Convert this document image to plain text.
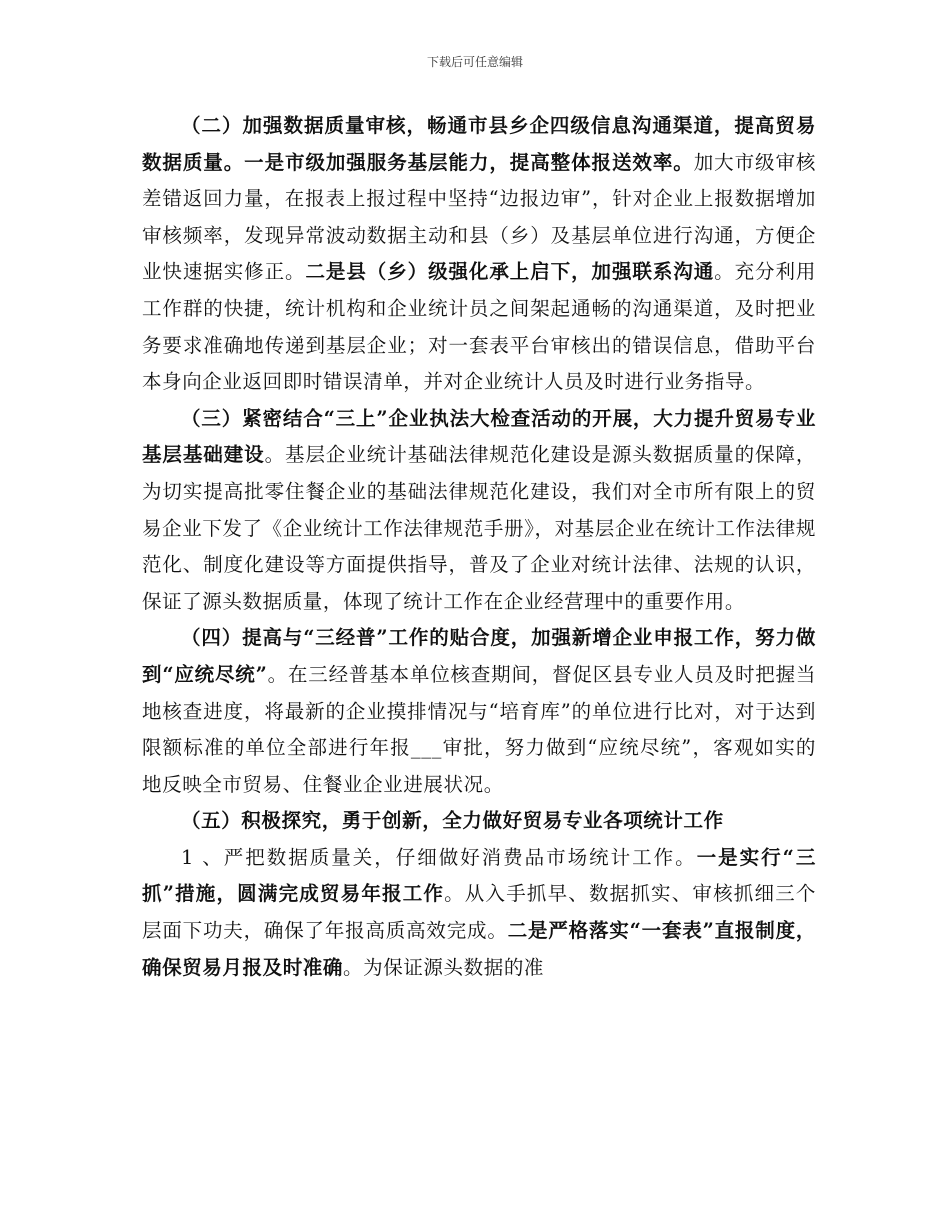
下载后可任意编辑

（二）加强数据质量审核，畅通市县乡企四级信息沟通渠道，提高贸易数据质量。一是市级加强服务基层能力，提高整体报送效率。加大市级审核差错返回力量，在报表上报过程中坚持“边报边审”，针对企业上报数据增加审核频率，发现异常波动数据主动和县（乡）及基层单位进行沟通，方便企业快速据实修正。二是县（乡）级强化承上启下，加强联系沟通。充分利用工作群的快捷，统计机构和企业统计员之间架起通畅的沟通渠道，及时把业务要求准确地传递到基层企业；对一套表平台审核出的错误信息，借助平台本身向企业返回即时错误清单，并对企业统计人员及时进行业务指导。

（三）紧密结合“三上”企业执法大检查活动的开展，大力提升贸易专业基层基础建设。基层企业统计基础法律规范化建设是源头数据质量的保障，为切实提高批零住餐企业的基础法律规范化建设，我们对全市所有限上的贸易企业下发了《企业统计工作法律规范手册》，对基层企业在统计工作法律规范化、制度化建设等方面提供指导，普及了企业对统计法律、法规的认识，保证了源头数据质量，体现了统计工作在企业经营理中的重要作用。

（四）提高与“三经普”工作的贴合度，加强新增企业申报工作，努力做到“应统尽统”。在三经普基本单位核查期间，督促区县专业人员及时把握当地核查进度，将最新的企业摸排情况与“培育库”的单位进行比对，对于达到限额标准的单位全部进行年报___审批，努力做到“应统尽统”，客观如实的地反映全市贸易、住餐业企业进展状况。

（五）积极探究，勇于创新，全力做好贸易专业各项统计工作

1 、严把数据质量关，仔细做好消费品市场统计工作。一是实行“三抓”措施，圆满完成贸易年报工作。从入手抓早、数据抓实、审核抓细三个层面下功夫，确保了年报高质高效完成。二是严格落实“一套表”直报制度，确保贸易月报及时准确。为保证源头数据的准
